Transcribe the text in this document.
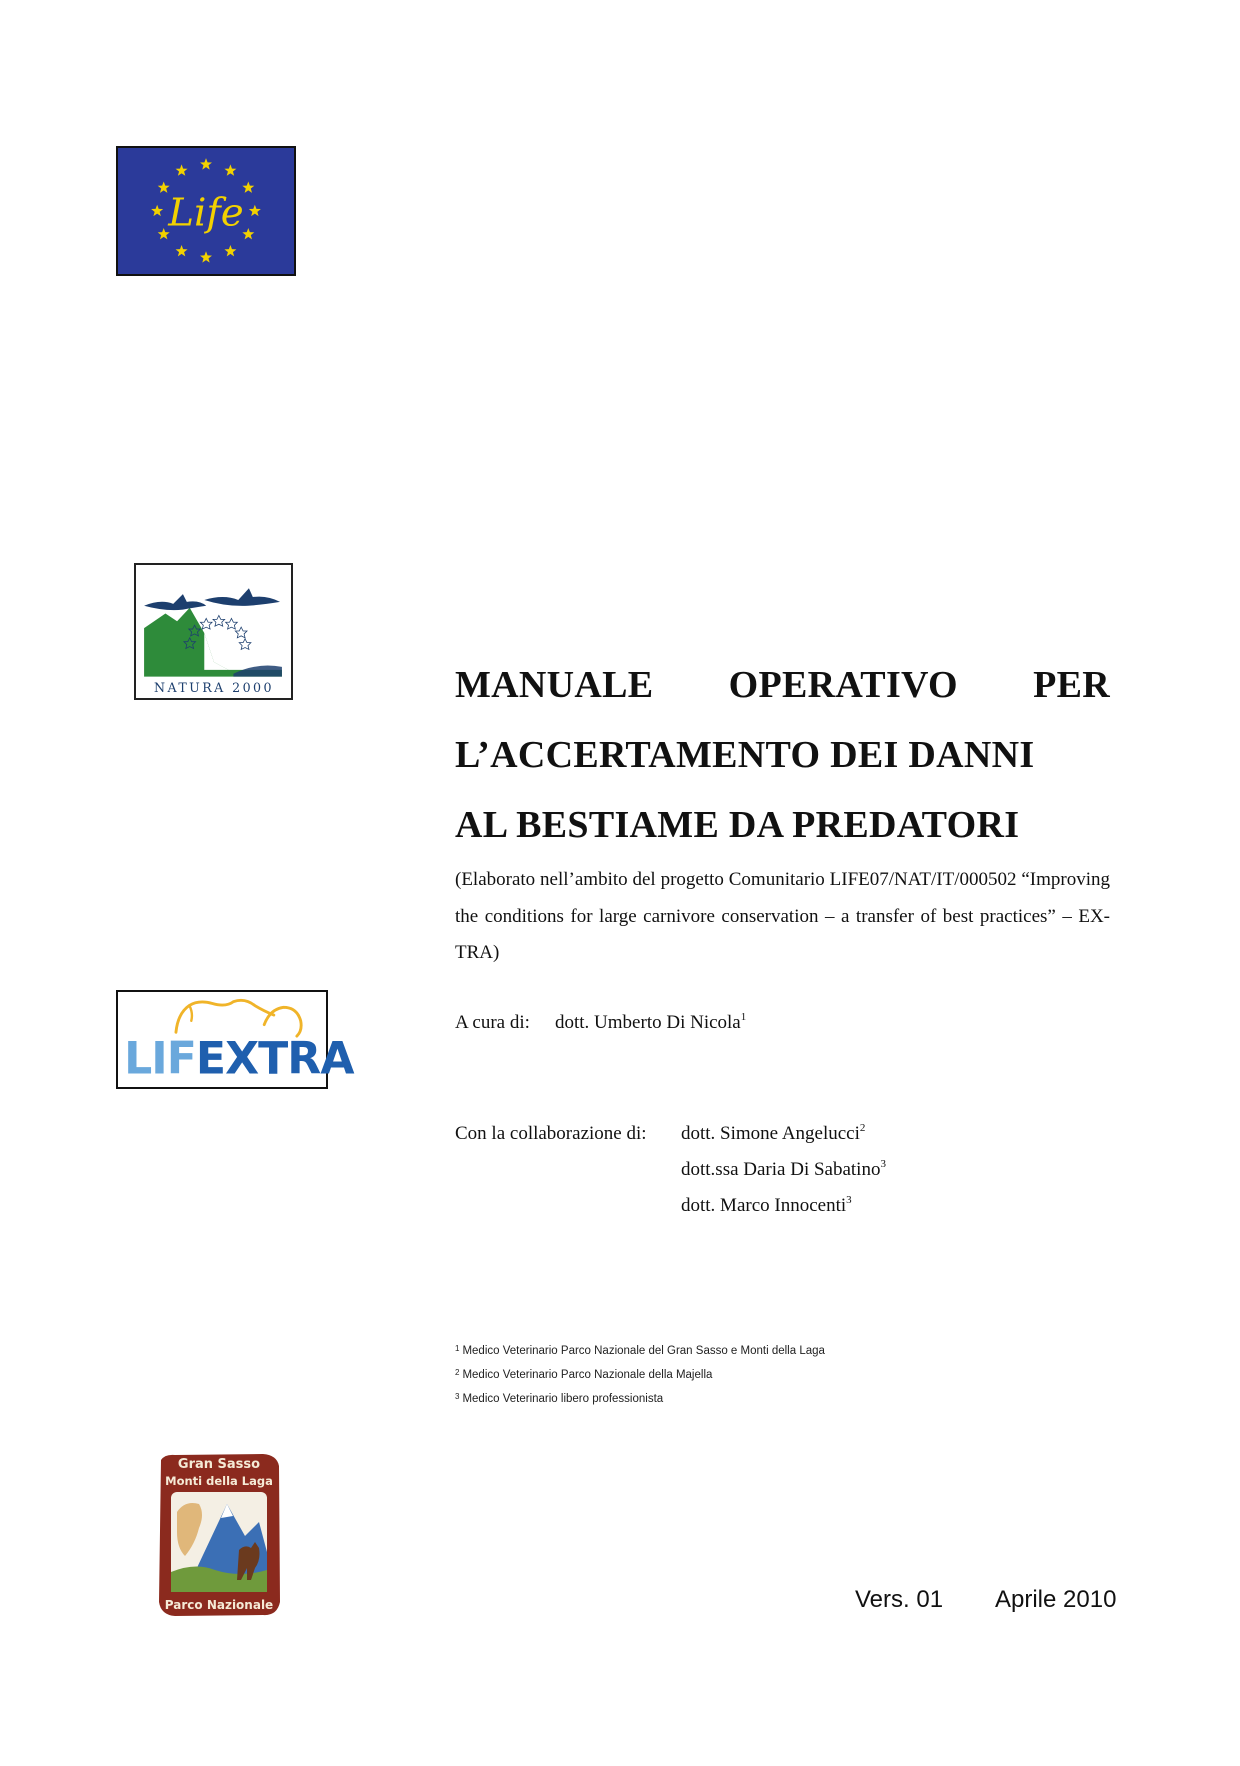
Life
NATURA 2000
LIFEXTRA
Gran Sasso
Monti della Laga
Parco Nazionale
MANUALE OPERATIVO PER
L’ACCERTAMENTO DEI DANNI
AL BESTIAME DA PREDATORI
(Elaborato nell’ambito del progetto Comunitario LIFE07/NAT/IT/000502 “Improving the conditions for large carnivore conservation – a transfer of best practices” – EX-TRA)
A cura di: dott. Umberto Di Nicola$^1$
Con la collaborazione di:	dott. Simone Angelucci$^2$
dott.ssa Daria Di Sabatino$^3$
dott. Marco Innocenti$^3$
$^1$ Medico Veterinario Parco Nazionale del Gran Sasso e Monti della Laga
$^2$ Medico Veterinario Parco Nazionale della Majella
$^3$ Medico Veterinario libero professionista
Vers. 01 Aprile 2010
